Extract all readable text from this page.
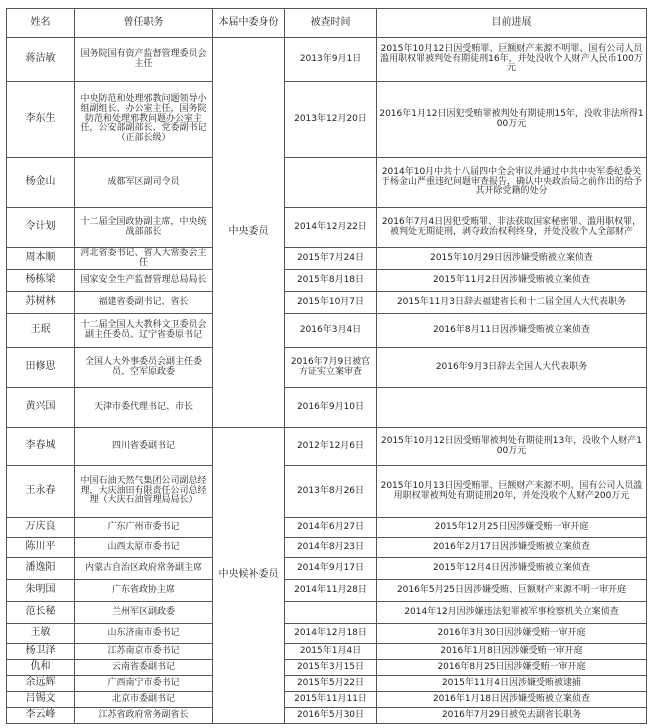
姓名	曾任职务	本届中委身份	被查时间	目前进展
蒋洁敏	国务院国有资产监督管理委员会主任	中央委员	2013年9月1日	2015年10月12日因受贿罪、巨额财产来源不明罪、国有公司人员滥用职权罪被判处有期徒刑16年，并处没收个人财产人民币100万元
李东生	中央防范和处理邪教问题领导小组副组长、办公室主任，国务院防范和处理邪教问题办公室主任，公安部副部长、党委副书记（正部长级）		2013年12月20日	2016年1月12日因犯受贿罪被判处有期徒刑15年，没收非法所得100万元
杨金山	成都军区副司令员			2014年10月中共十八届四中全会审议并通过中共中央军委纪委关于杨金山严重违纪问题审查报告，确认中央政治局之前作出的给予其开除党籍的处分
令计划	十二届全国政协副主席，中央统战部部长		2014年12月22日	2016年7月4日因犯受贿罪、非法获取国家秘密罪、滥用职权罪，被判处无期徒刑，剥夺政治权利终身，并处没收个人全部财产
周本顺	河北省委书记、省人大常委会主任		2015年7月24日	2015年10月29日因涉嫌受贿被立案侦查
杨栋梁	国家安全生产监督管理总局局长		2015年8月18日	2015年11月2日因涉嫌受贿被立案侦查
苏树林	福建省委副书记、省长		2015年10月7日	2015年11月3日辞去福建省长和十二届全国人大代表职务
王珉	十二届全国人大教科文卫委员会副主任委员、辽宁省委原书记		2016年3月4日	2016年8月11日因涉嫌受贿被立案侦查
田修思	全国人大外事委员会副主任委员、空军原政委		2016年7月9日被官方证实立案审查	2016年9月3日辞去全国人大代表职务
黄兴国	天津市委代理书记、市长		2016年9月10日	
李春城	四川省委副书记	中央候补委员	2012年12月6日	2015年10月12日因受贿罪被判处有期徒刑13年，没收个人财产100万元
王永春	中国石油天然气集团公司副总经理，大庆油田有限责任公司总经理（大庆石油管理局局长）		2013年8月26日	2015年10月13日因受贿罪、巨额财产来源不明、国有公司人员滥用职权罪被判处有期徒刑20年，并处没收个人财产200万元
万庆良	广东广州市委书记		2014年6月27日	2015年12月25日因涉嫌受贿一审开庭
陈川平	山西太原市委书记		2014年8月23日	2016年2月17日因涉嫌受贿被立案侦查
潘逸阳	内蒙古自治区政府常务副主席		2014年9月17日	2015年12月4日因涉嫌受贿被立案侦查
朱明国	广东省政协主席		2014年11月28日	2016年5月25日因涉嫌受贿、巨额财产来源不明一审开庭
范长秘	兰州军区副政委			2014年12月因涉嫌违法犯罪被军事检察机关立案侦查
王敏	山东济南市委书记		2014年12月18日	2016年3月30日因涉嫌受贿一审开庭
杨卫泽	江苏南京市委书记		2015年1月4日	2016年1月8日因涉嫌受贿一审开庭
仇和	云南省委副书记		2015年3月15日	2016年8月25日因涉嫌受贿一审开庭
余远辉	广西南宁市委书记		2015年5月22日	2015年11月4日因涉嫌受贿被逮捕
吕锡文	北京市委副书记		2015年11月11日	2016年1月18日因涉嫌受贿被立案侦查
李云峰	江苏省政府常务副省长		2016年5月30日	2016年7月29日被免去副省长职务
